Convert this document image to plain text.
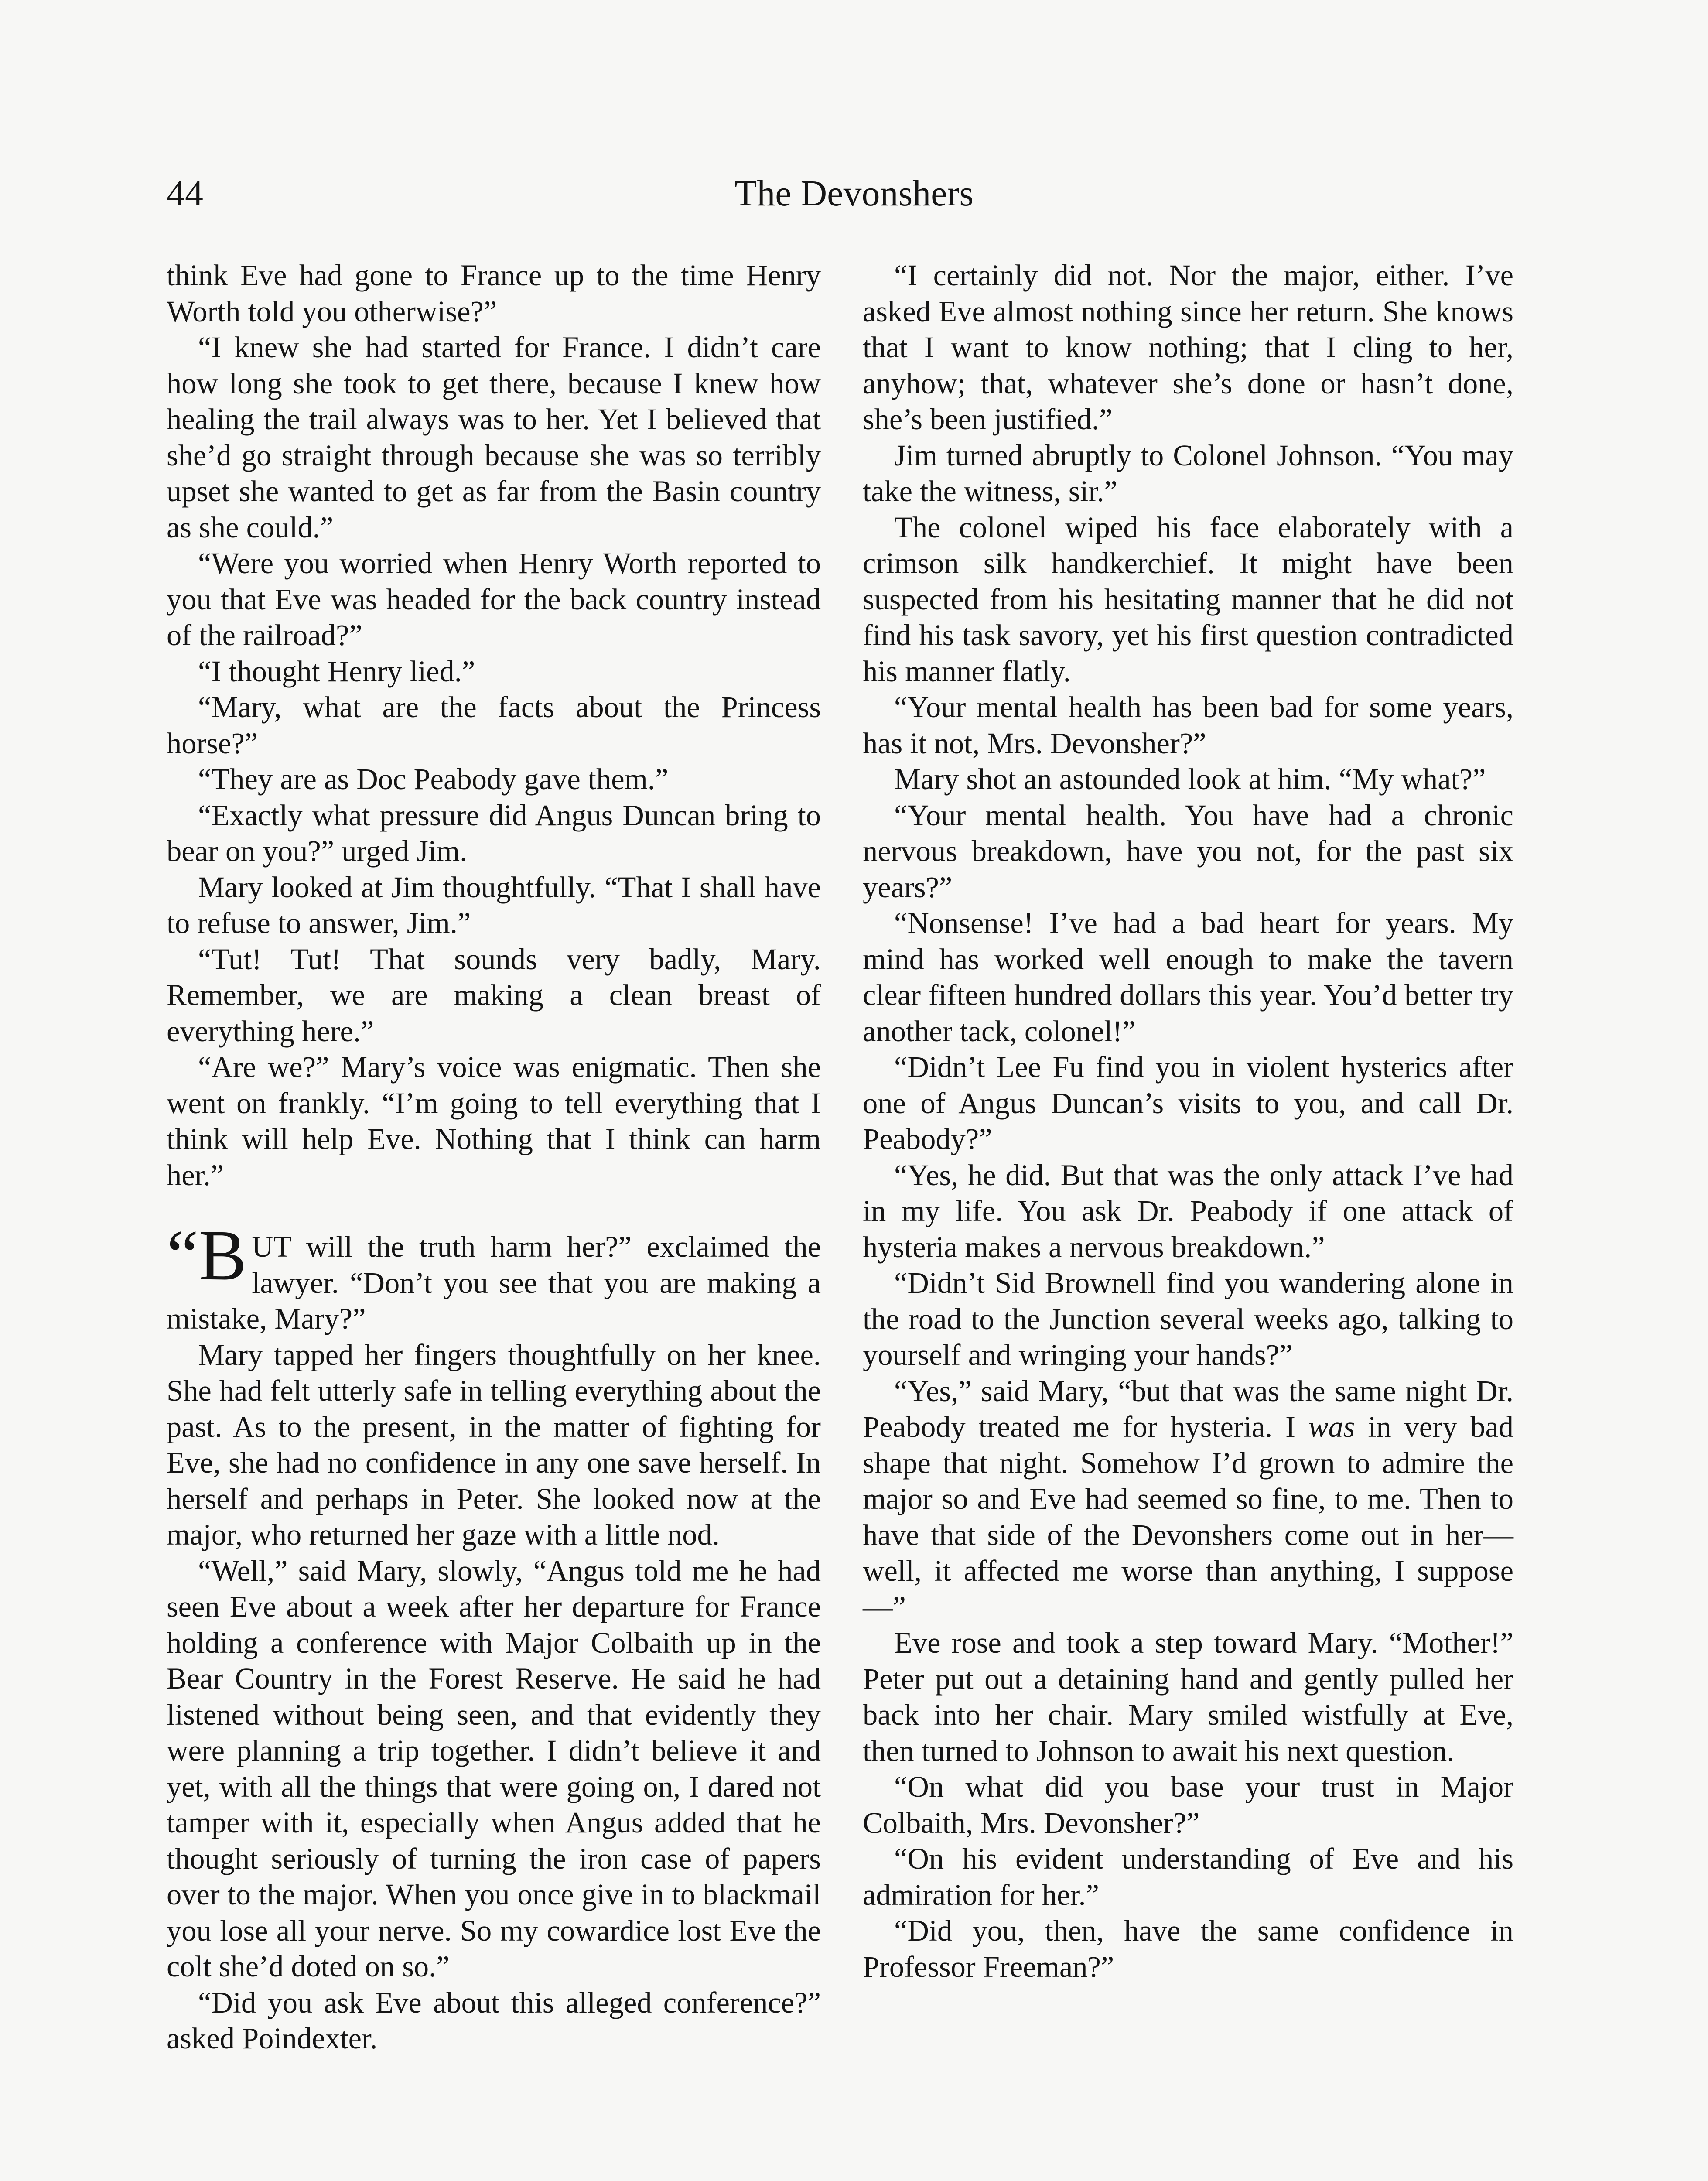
44	The Devonshers

think Eve had gone to France up to the time Henry Worth told you otherwise?”

“I knew she had started for France. I didn’t care how long she took to get there, because I knew how healing the trail always was to her. Yet I believed that she’d go straight through because she was so terribly upset she wanted to get as far from the Basin country as she could.”

“Were you worried when Henry Worth reported to you that Eve was headed for the back country instead of the railroad?”

“I thought Henry lied.”

“Mary, what are the facts about the Princess horse?”

“They are as Doc Peabody gave them.”

“Exactly what pressure did Angus Duncan bring to bear on you?” urged Jim.

Mary looked at Jim thoughtfully. “That I shall have to refuse to answer, Jim.”

“Tut! Tut! That sounds very badly, Mary. Remember, we are making a clean breast of everything here.”

“Are we?” Mary’s voice was enigmatic. Then she went on frankly. “I’m going to tell everything that I think will help Eve. Nothing that I think can harm her.”

“BUT will the truth harm her?” exclaimed the lawyer. “Don’t you see that you are making a mistake, Mary?”

Mary tapped her fingers thoughtfully on her knee. She had felt utterly safe in telling everything about the past. As to the present, in the matter of fighting for Eve, she had no confidence in any one save herself. In herself and perhaps in Peter. She looked now at the major, who returned her gaze with a little nod.

“Well,” said Mary, slowly, “Angus told me he had seen Eve about a week after her departure for France holding a conference with Major Colbaith up in the Bear Country in the Forest Reserve. He said he had listened without being seen, and that evidently they were planning a trip together. I didn’t believe it and yet, with all the things that were going on, I dared not tamper with it, especially when Angus added that he thought seriously of turning the iron case of papers over to the major. When you once give in to blackmail you lose all your nerve. So my cowardice lost Eve the colt she’d doted on so.”

“Did you ask Eve about this alleged conference?” asked Poindexter.

“I certainly did not. Nor the major, either. I’ve asked Eve almost nothing since her return. She knows that I want to know nothing; that I cling to her, anyhow; that, whatever she’s done or hasn’t done, she’s been justified.”

Jim turned abruptly to Colonel Johnson. “You may take the witness, sir.”

The colonel wiped his face elaborately with a crimson silk handkerchief. It might have been suspected from his hesitating manner that he did not find his task savory, yet his first question contradicted his manner flatly.

“Your mental health has been bad for some years, has it not, Mrs. Devonsher?”

Mary shot an astounded look at him. “My what?”

“Your mental health. You have had a chronic nervous breakdown, have you not, for the past six years?”

“Nonsense! I’ve had a bad heart for years. My mind has worked well enough to make the tavern clear fifteen hundred dollars this year. You’d better try another tack, colonel!”

“Didn’t Lee Fu find you in violent hysterics after one of Angus Duncan’s visits to you, and call Dr. Peabody?”

“Yes, he did. But that was the only attack I’ve had in my life. You ask Dr. Peabody if one attack of hysteria makes a nervous breakdown.”

“Didn’t Sid Brownell find you wandering alone in the road to the Junction several weeks ago, talking to yourself and wringing your hands?”

“Yes,” said Mary, “but that was the same night Dr. Peabody treated me for hysteria. I was in very bad shape that night. Somehow I’d grown to admire the major so and Eve had seemed so fine, to me. Then to have that side of the Devonshers come out in her—well, it affected me worse than anything, I suppose—”

Eve rose and took a step toward Mary. “Mother!” Peter put out a detaining hand and gently pulled her back into her chair. Mary smiled wistfully at Eve, then turned to Johnson to await his next question.

“On what did you base your trust in Major Colbaith, Mrs. Devonsher?”

“On his evident understanding of Eve and his admiration for her.”

“Did you, then, have the same confidence in Professor Freeman?”
